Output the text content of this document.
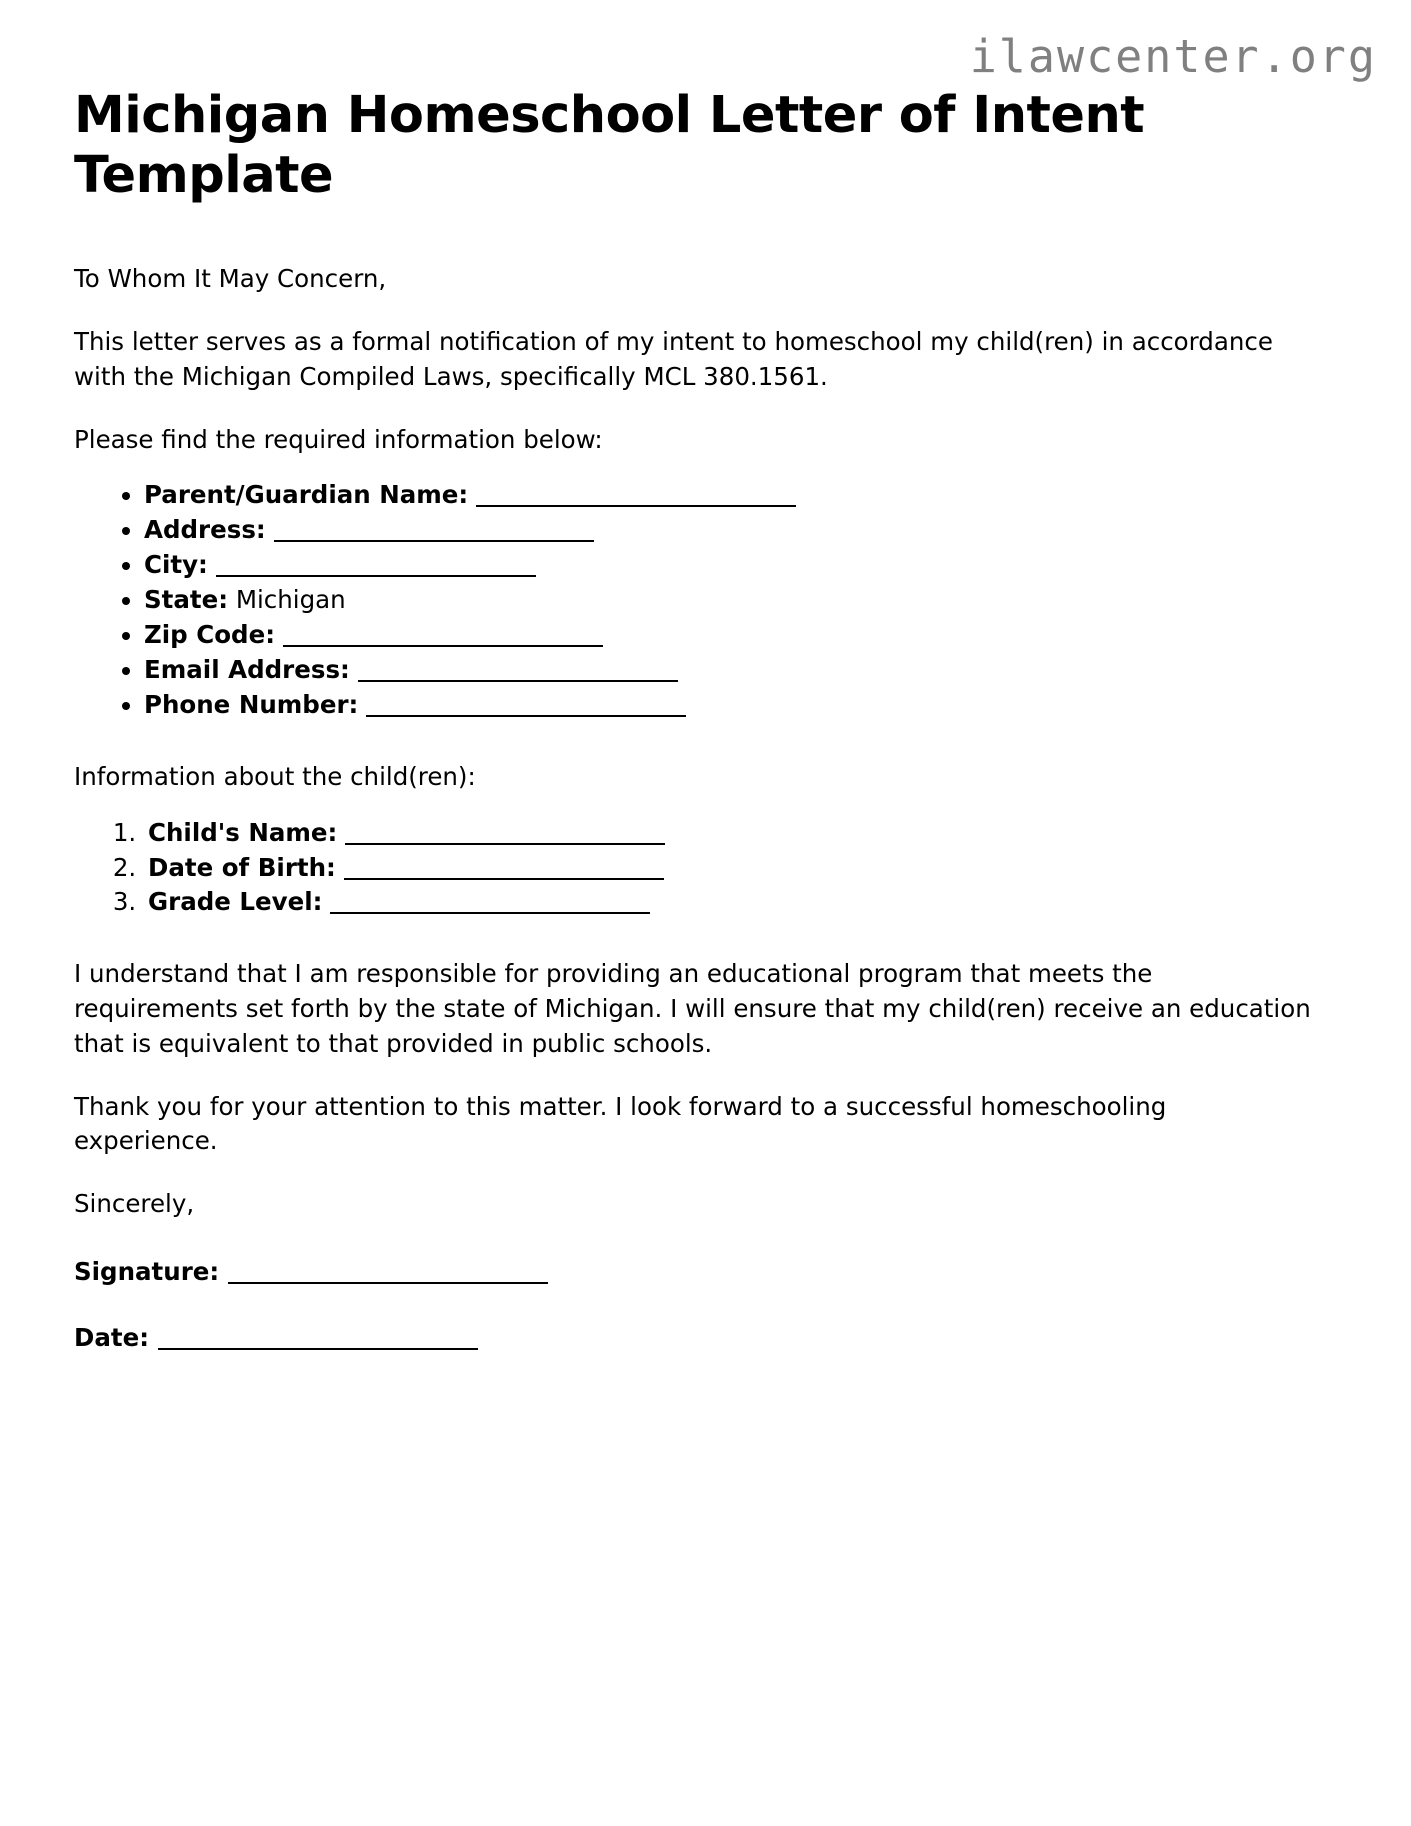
ilawcenter.org
Michigan Homeschool Letter of Intent Template

To Whom It May Concern,

This letter serves as a formal notification of my intent to homeschool my child(ren) in accordance with the Michigan Compiled Laws, specifically MCL 380.1561.

Please find the required information below:

• Parent/Guardian Name:
• Address:
• City:
• State: Michigan
• Zip Code:
• Email Address:
• Phone Number:

Information about the child(ren):

1. Child's Name:
2. Date of Birth:
3. Grade Level:

I understand that I am responsible for providing an educational program that meets the requirements set forth by the state of Michigan. I will ensure that my child(ren) receive an education that is equivalent to that provided in public schools.

Thank you for your attention to this matter. I look forward to a successful homeschooling experience.

Sincerely,

Signature:

Date:
